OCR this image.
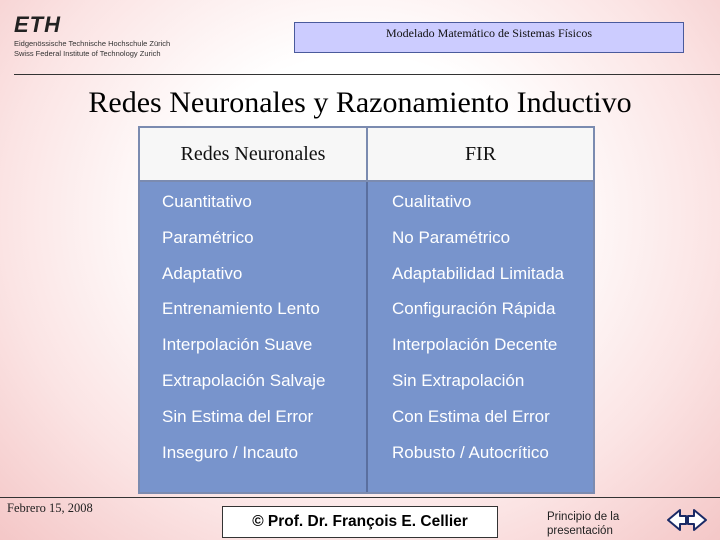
ETH
Eidgenössische Technische Hochschule Zürich
Swiss Federal Institute of Technology Zurich
Modelado Matemático de Sistemas Físicos
Redes Neuronales y Razonamiento Inductivo
Redes Neuronales	FIR
Cuantitativo
Paramétrico
Adaptativo
Entrenamiento Lento
Interpolación Suave
Extrapolación Salvaje
Sin Estima del Error
Inseguro / Incauto
Cualitativo
No Paramétrico
Adaptabilidad Limitada
Configuración Rápida
Interpolación Decente
Sin Extrapolación
Con Estima del Error
Robusto / Autocrítico
Febrero 15, 2008
© Prof. Dr. François E. Cellier	Principio de la presentación
